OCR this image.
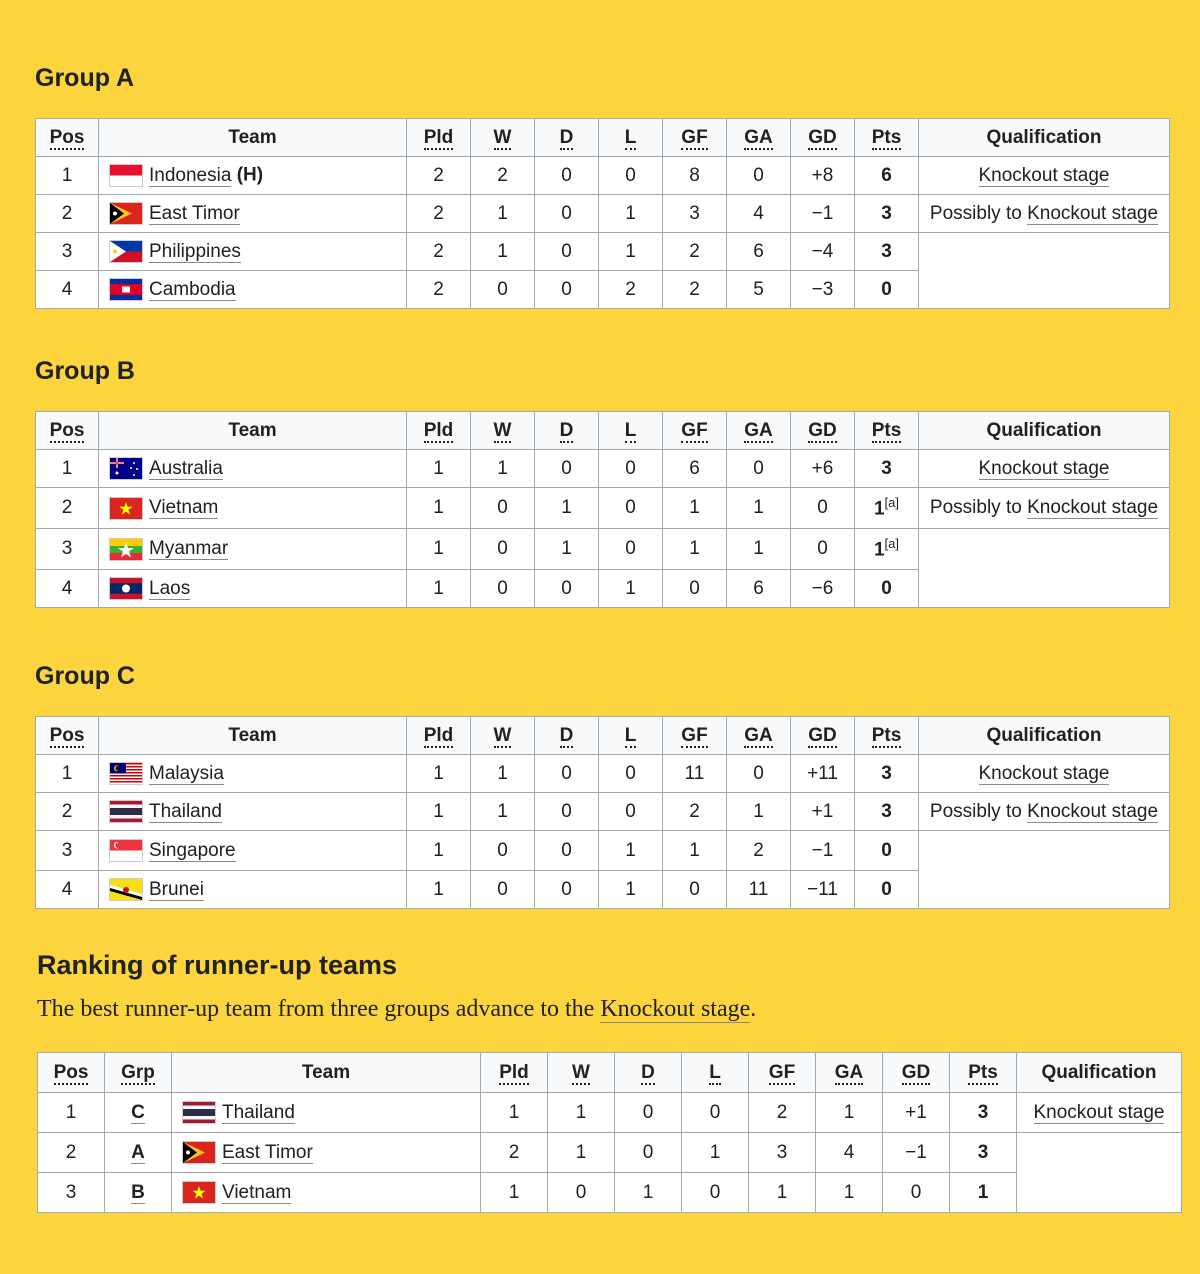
Group A
Pos	Team	Pld	W	D	L	GF	GA	GD	Pts	Qualification
1	Indonesia (H)	2	2	0	0	8	0	+8	6	Knockout stage
2	East Timor	2	1	0	1	3	4	−1	3	Possibly to Knockout stage
3	Philippines	2	1	0	1	2	6	−4	3	
4	Cambodia	2	0	0	2	2	5	−3	0	
Group B
Pos	Team	Pld	W	D	L	GF	GA	GD	Pts	Qualification
1	Australia	1	1	0	0	6	0	+6	3	Knockout stage
2	Vietnam	1	0	1	0	1	1	0	1[a]	Possibly to Knockout stage
3	Myanmar	1	0	1	0	1	1	0	1[a]	
4	Laos	1	0	0	1	0	6	−6	0	
Group C
Pos	Team	Pld	W	D	L	GF	GA	GD	Pts	Qualification
1	Malaysia	1	1	0	0	11	0	+11	3	Knockout stage
2	Thailand	1	1	0	0	2	1	+1	3	Possibly to Knockout stage
3	Singapore	1	0	0	1	1	2	−1	0	
4	Brunei	1	0	0	1	0	11	−11	0	
Ranking of runner-up teams

The best runner-up team from three groups advance to the Knockout stage.

Pos	Grp	Team	Pld	W	D	L	GF	GA	GD	Pts	Qualification
1	C	Thailand	1	1	0	0	2	1	+1	3	Knockout stage
2	A	East Timor	2	1	0	1	3	4	−1	3	
3	B	Vietnam	1	0	1	0	1	1	0	1	
